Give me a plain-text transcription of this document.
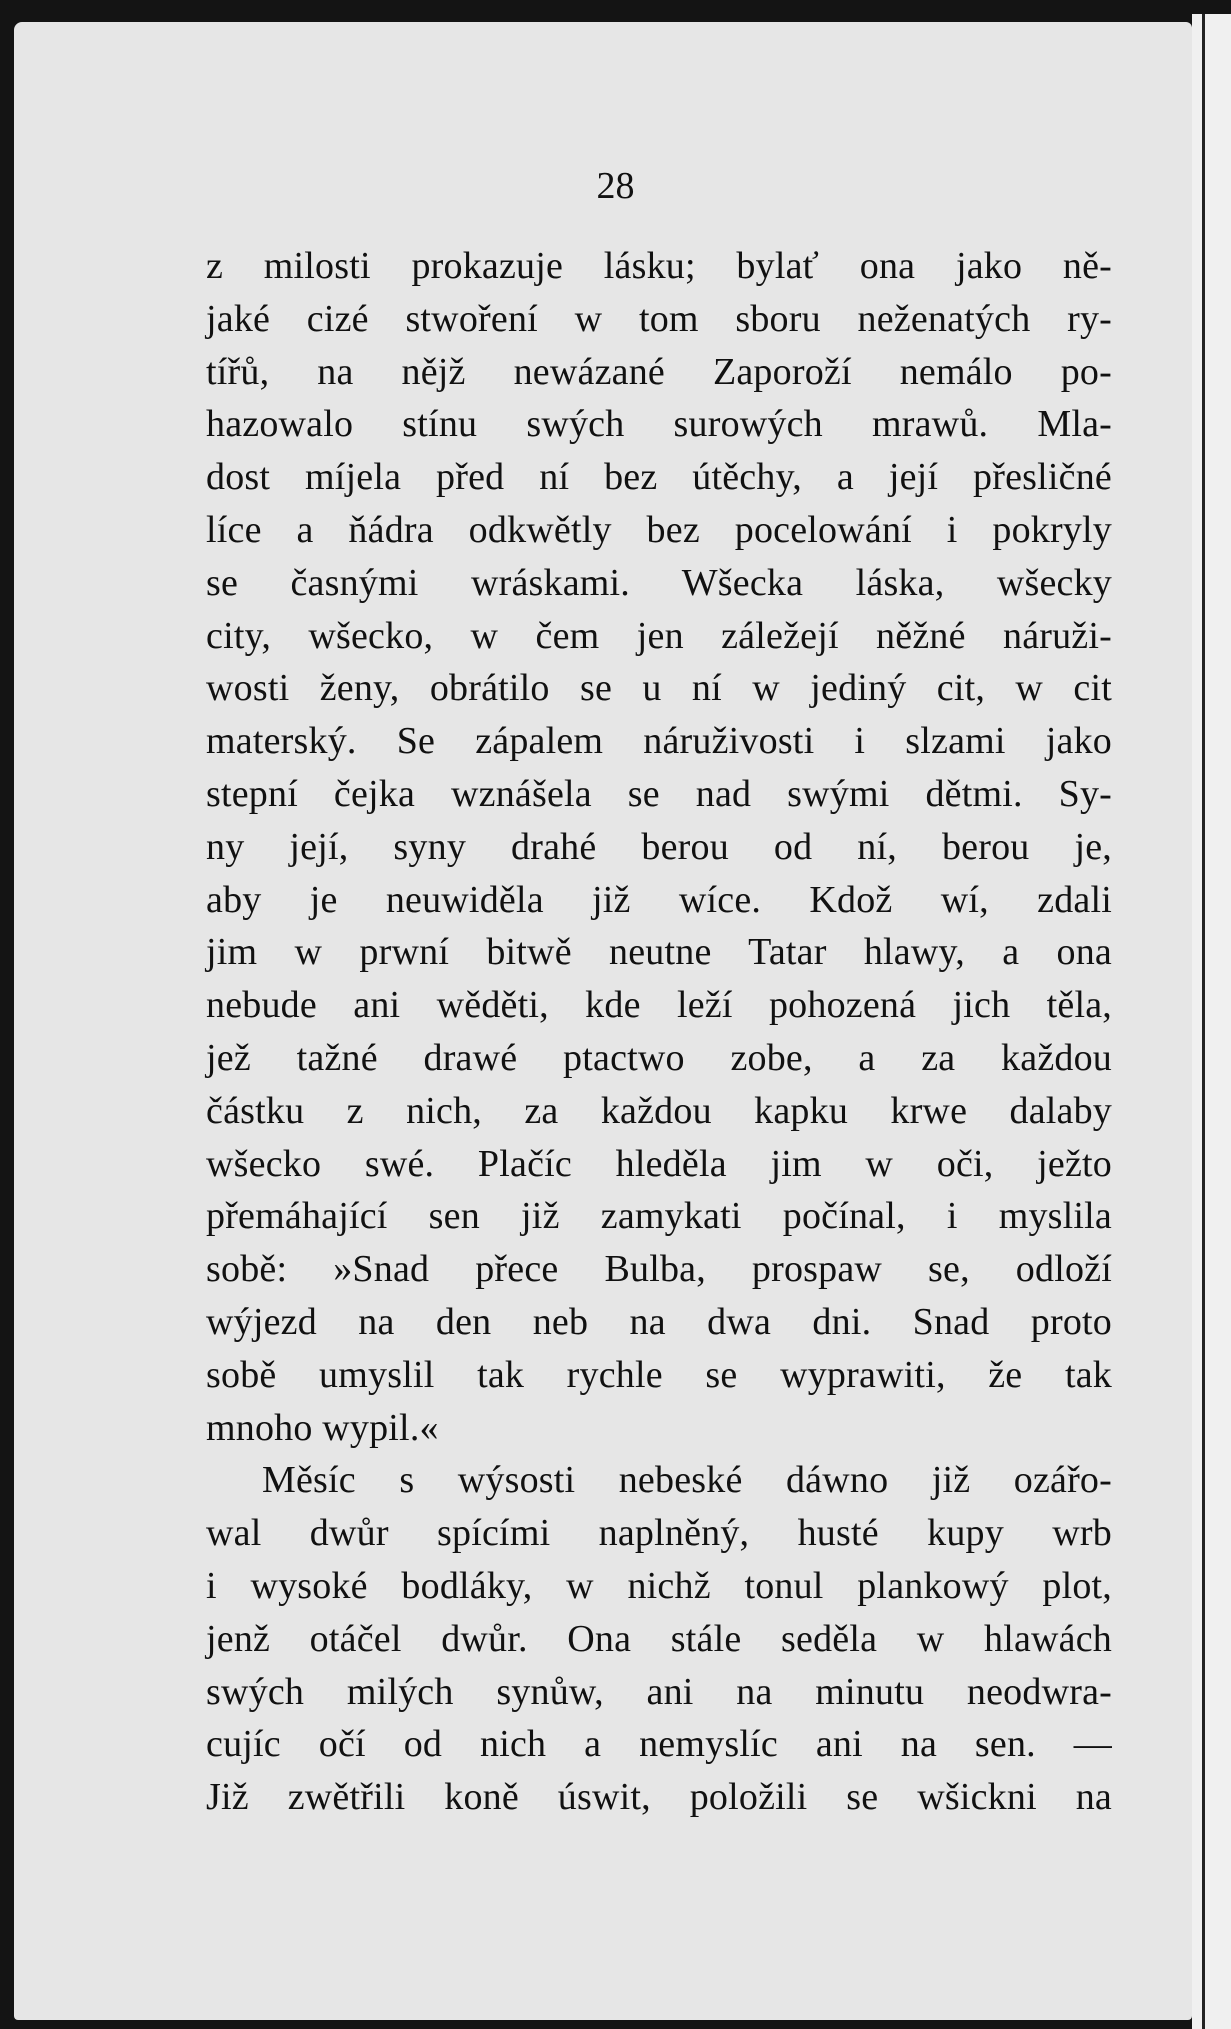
28
z milosti prokazuje lásku; bylať ona jako ně-
jaké cizé stwoření w tom sboru neženatých ry-
tířů, na nějž newázané Zaporoží nemálo po-
hazowalo stínu swých surowých mrawů. Mla-
dost míjela před ní bez útěchy, a její přesličné
líce a ňádra odkwětly bez pocelowání i pokryly
se časnými wráskami. Wšecka láska, wšecky
city, wšecko, w čem jen záležejí něžné náruži-
wosti ženy, obrátilo se u ní w jediný cit, w cit
materský. Se zápalem náruživosti i slzami jako
stepní čejka wznášela se nad swými dětmi. Sy-
ny její, syny drahé berou od ní, berou je,
aby je neuwiděla již wíce. Kdož wí, zdali
jim w prwní bitwě neutne Tatar hlawy, a ona
nebude ani wěděti, kde leží pohozená jich těla,
jež tažné drawé ptactwo zobe, a za každou
částku z nich, za každou kapku krwe dalaby
wšecko swé. Plačíc hleděla jim w oči, ježto
přemáhající sen již zamykati počínal, i myslila
sobě: »Snad přece Bulba, prospaw se, odloží
wýjezd na den neb na dwa dni. Snad proto
sobě umyslil tak rychle se wyprawiti, že tak
mnoho wypil.«
Měsíc s wýsosti nebeské dáwno již ozářo-
wal dwůr spícími naplněný, husté kupy wrb
i wysoké bodláky, w nichž tonul plankowý plot,
jenž otáčel dwůr. Ona stále seděla w hlawách
swých milých synůw, ani na minutu neodwra-
cujíc očí od nich a nemyslíc ani na sen. —
Již zwětřili koně úswit, položili se wšickni na
